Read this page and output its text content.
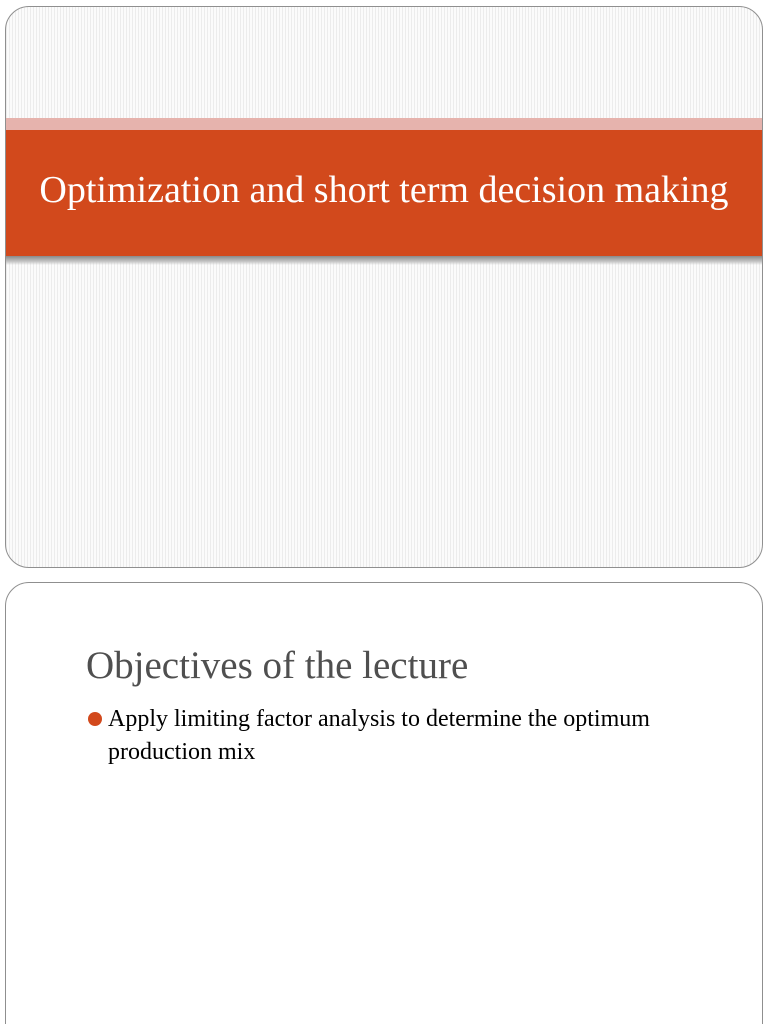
Optimization and short term decision making
Objectives of the lecture
Apply limiting factor analysis to determine the optimum production mix
